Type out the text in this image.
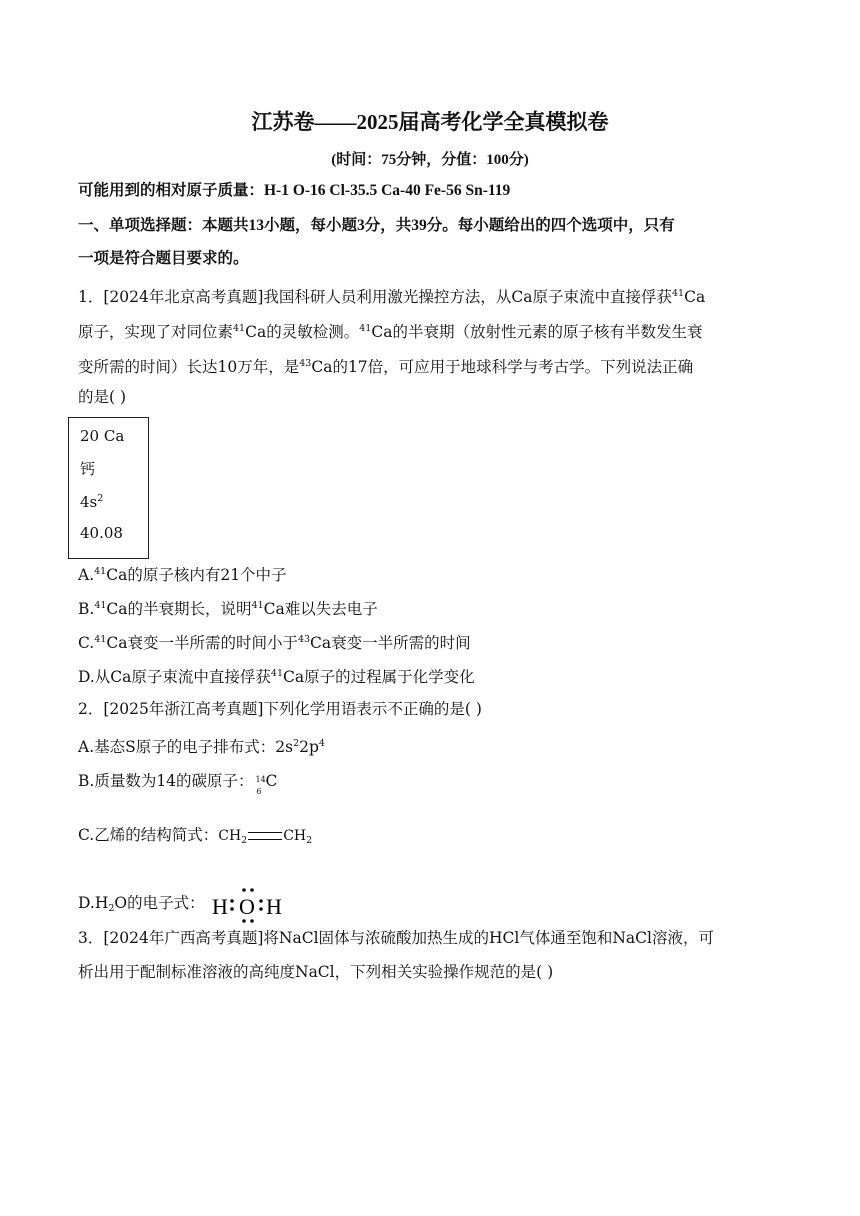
江苏卷——2025届高考化学全真模拟卷
(时间：75分钟，分值：100分)
可能用到的相对原子质量：H-1 O-16 Cl-35.5 Ca-40 Fe-56 Sn-119
一、单项选择题：本题共13小题，每小题3分，共39分。每小题给出的四个选项中，只有
一项是符合题目要求的。
1．[2024年北京高考真题]我国科研人员利用激光操控方法，从Ca原子束流中直接俘获$^{41}$Ca
原子，实现了对同位素$^{41}$Ca的灵敏检测。$^{41}$Ca的半衰期（放射性元素的原子核有半数发生衰
变所需的时间）长达10万年，是$^{43}$Ca的17倍，可应用于地球科学与考古学。下列说法正确
的是( )
20 Ca
钙
$4s^2$
40.08
A.$^{41}$Ca的原子核内有21个中子
B.$^{41}$Ca的半衰期长，说明$^{41}$Ca难以失去电子
C.$^{41}$Ca衰变一半所需的时间小于$^{43}$Ca衰变一半所需的时间
D.从Ca原子束流中直接俘获$^{41}$Ca原子的过程属于化学变化
2．[2025年浙江高考真题]下列化学用语表示不正确的是( )
A.基态S原子的电子排布式：$2s^22p^4$
B.质量数为14的碳原子： 14
6
C
C.乙烯的结构简式：$CH_2$	$CH_2$
$D.H_2O$的电子式： H O H
3．[2024年广西高考真题]将NaCl固体与浓硫酸加热生成的HCl气体通至饱和NaCl溶液，可
析出用于配制标准溶液的高纯度NaCl，下列相关实验操作规范的是( )
